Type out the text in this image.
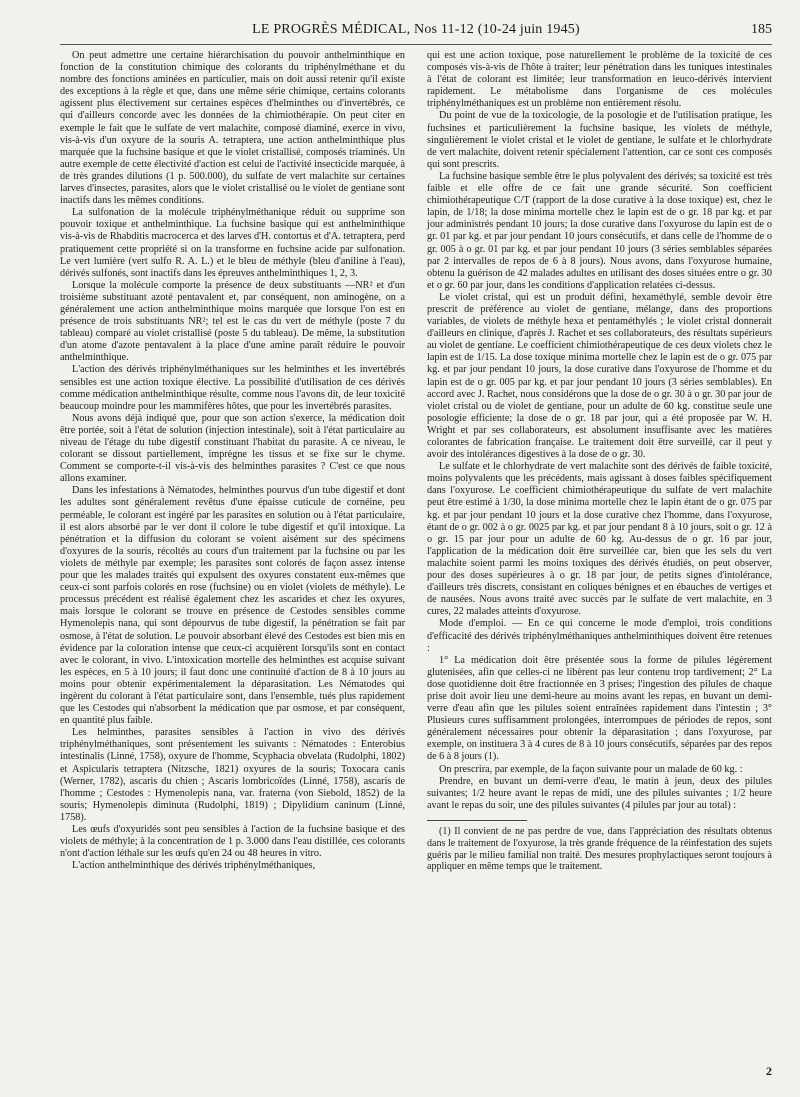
LE PROGRÈS MÉDICAL, Nos 11-12 (10-24 juin 1945)	185

On peut admettre une certaine hiérarchisation du pouvoir anthelminthique en fonction de la constitution chimique des colorants du triphénylméthane et du nombre des fonctions aminées en particulier, mais on doit aussi retenir qu'il existe des exceptions à la règle et que, dans une même série chimique, certains colorants agissent plus électivement sur certaines espèces d'helminthes ou d'invertébrés, ce qui d'ailleurs concorde avec les données de la chimiothérapie. On peut citer en exemple le fait que le sulfate de vert malachite, composé diaminé, exerce in vivo, vis-à-vis d'un oxyure de la souris A. tetraptera, une action anthelminthique plus marquée que la fuchsine basique et que le violet cristallisé, composés triaminés. Un autre exemple de cette électivité d'action est celui de l'activité insecticide marquée, à de très grandes dilutions (1 p. 500.000), du sulfate de vert malachite sur certaines larves d'insectes, parasites, alors que le violet cristallisé ou le violet de gentiane sont inactifs dans les mêmes conditions.

La sulfonation de la molécule triphénylméthanique réduit ou supprime son pouvoir toxique et anthelminthique. La fuchsine basique qui est anthelminthique vis-à-vis de Rhabditis macrocerca et des larves d'H. contortus et d'A. tetraptera, perd pratiquement cette propriété si on la transforme en fuchsine acide par sulfonation. Le vert lumière (vert sulfo R. A. L.) et le bleu de méthyle (bleu d'aniline à l'eau), dérivés sulfonés, sont inactifs dans les épreuves anthelminthiques 1, 2, 3.

Lorsque la molécule comporte la présence de deux substituants —NR² et d'un troisième substituant azoté pentavalent et, par conséquent, non aminogène, on a généralement une action anthelminthique moins marquée que lorsque l'on est en présence de trois substituants NR²; tel est le cas du vert de méthyle (poste 7 du tableau) comparé au violet cristallisé (poste 5 du tableau). De même, la substitution d'un atome d'azote pentavalent à la place d'une amine paraît réduire le pouvoir anthelminthique.

L'action des dérivés triphénylméthaniques sur les helminthes et les invertébrés sensibles est une action toxique élective. La possibilité d'utilisation de ces dérivés comme médication anthelminthique résulte, comme nous l'avons dit, de leur toxicité beaucoup moindre pour les mammifères hôtes, que pour les invertébrés parasites.

Nous avons déjà indiqué que, pour que son action s'exerce, la médication doit être portée, soit à l'état de solution (injection intestinale), soit à l'état particulaire au niveau de l'étage du tube digestif constituant l'habitat du parasite. A ce niveau, le colorant se dissout partiellement, imprègne les tissus et se fixe sur le chyme. Comment se comporte-t-il vis-à-vis des helminthes parasites ? C'est ce que nous allons examiner.

Dans les infestations à Nématodes, helminthes pourvus d'un tube digestif et dont les adultes sont généralement revêtus d'une épaisse cuticule de cornéine, peu perméable, le colorant est ingéré par les parasites en solution ou à l'état particulaire, il est alors absorbé par le ver dont il colore le tube digestif et qu'il intoxique. La pénétration et la diffusion du colorant se voient aisément sur des spécimens d'oxyures de la souris, récoltés au cours d'un traitement par la fuchsine ou par les violets de méthyle par exemple; les parasites sont colorés de façon assez intense pour que les malades traités qui expulsent des oxyures constatent eux-mêmes que ceux-ci sont parfois colorés en rose (fuchsine) ou en violet (violets de méthyle). Le processus précédent est réalisé également chez les ascarides et chez les oxyures, mais lorsque le colorant se trouve en présence de Cestodes sensibles comme Hymenolepis nana, qui sont dépourvus de tube digestif, la pénétration se fait par osmose, à l'état de solution. Le pouvoir absorbant élevé des Cestodes est bien mis en évidence par la coloration intense que ceux-ci acquièrent lorsqu'ils sont en contact avec le colorant, in vivo. L'intoxication mortelle des helminthes est acquise suivant les espèces, en 5 à 10 jours; il faut donc une continuité d'action de 8 à 10 jours au moins pour obtenir expérimentalement la déparasitation. Les Nématodes qui ingèrent du colorant à l'état particulaire sont, dans l'ensemble, tués plus rapidement que les Cestodes qui n'absorbent la médication que par osmose, et par conséquent, en quantité plus faible.

Les helminthes, parasites sensibles à l'action in vivo des dérivés triphénylméthaniques, sont présentement les suivants : Nématodes : Enterobius intestinalis (Linné, 1758), oxyure de l'homme, Scyphacia obvelata (Rudolphi, 1802) et Aspicularis tetraptera (Nitzsche, 1821) oxyures de la souris; Toxocara canis (Werner, 1782), ascaris du chien ; Ascaris lombricoïdes (Linné, 1758), ascaris de l'homme ; Cestodes : Hymenolepis nana, var. fraterna (von Siebold, 1852) de la souris; Hymenolepis diminuta (Rudolphi, 1819) ; Dipylidium caninum (Linné, 1758).

Les œufs d'oxyuridés sont peu sensibles à l'action de la fuchsine basique et des violets de méthyle; à la concentration de 1 p. 3.000 dans l'eau distillée, ces colorants n'ont d'action léthale sur les œufs qu'en 24 ou 48 heures in vitro.

L'action anthelminthique des dérivés triphénylméthaniques,

qui est une action toxique, pose naturellement le problème de la toxicité de ces composés vis-à-vis de l'hôte à traiter; leur pénétration dans les tuniques intestinales à l'état de colorant est limitée; leur transformation en leuco-dérivés intervient rapidement. Le métabolisme dans l'organisme de ces molécules triphénylméthaniques est un problème non entièrement résolu.

Du point de vue de la toxicologie, de la posologie et de l'utilisation pratique, les fuchsines et particulièrement la fuchsine basique, les violets de méthyle, singulièrement le violet cristal et le violet de gentiane, le sulfate et le chlorhydrate de vert malachite, doivent retenir spécialement l'attention, car ce sont ces composés qui sont prescrits.

La fuchsine basique semble être le plus polyvalent des dérivés; sa toxicité est très faible et elle offre de ce fait une grande sécurité. Son coefficient chimiothérapeutique C/T (rapport de la dose curative à la dose toxique) est, chez le lapin, de 1/18; la dose minima mortelle chez le lapin est de o gr. 18 par kg. et par jour administrés pendant 10 jours; la dose curative dans l'oxyurose du lapin est de o gr. 01 par kg. et par jour pendant 10 jours consécutifs, et dans celle de l'homme de o gr. 005 à o gr. 01 par kg. et par jour pendant 10 jours (3 séries semblables séparées par 2 intervalles de repos de 6 à 8 jours). Nous avons, dans l'oxyurose humaine, obtenu la guérison de 42 malades adultes en utilisant des doses situées entre o gr. 30 et o gr. 60 par jour, dans les conditions d'application relatées ci-dessus.

Le violet cristal, qui est un produit défini, hexaméthylé, semble devoir être prescrit de préférence au violet de gentiane, mélange, dans des proportions variables, de violets de méthyle hexa et pentaméthylés ; le violet cristal donnerait d'ailleurs en clinique, d'après J. Rachet et ses collaborateurs, des résultats supérieurs au violet de gentiane. Le coefficient chimiothérapeutique de ces deux violets chez le lapin est de 1/15. La dose toxique minima mortelle chez le lapin est de o gr. 075 par kg. et par jour pendant 10 jours, la dose curative dans l'oxyurose de l'homme et du lapin est de o gr. 005 par kg. et par jour pendant 10 jours (3 séries semblables). En accord avec J. Rachet, nous considérons que la dose de o gr. 30 à o gr. 30 par jour de violet cristal ou de violet de gentiane, pour un adulte de 60 kg. constitue seule une posologie efficiente; la dose de o gr. 18 par jour, qui a été proposée par W. H. Wright et par ses collaborateurs, est absolument insuffisante avec les matières colorantes de fabrication française. Le traitement doit être surveillé, car il peut y avoir des intolérances digestives à la dose de o gr. 30.

Le sulfate et le chlorhydrate de vert malachite sont des dérivés de faible toxicité, moins polyvalents que les précédents, mais agissant à doses faibles spécifiquement dans l'oxyurose. Le coefficient chimiothérapeutique du sulfate de vert malachite peut être estimé à 1/30, la dose minima mortelle chez le lapin étant de o gr. 075 par kg. et par jour pendant 10 jours et la dose curative chez l'homme, dans l'oxyurose, étant de o gr. 002 à o gr. 0025 par kg. et par jour pendant 8 à 10 jours, soit o gr. 12 à o gr. 15 par jour pour un adulte de 60 kg. Au-dessus de o gr. 16 par jour, l'application de la médication doit être surveillée car, bien que les sels du vert malachite soient parmi les moins toxiques des dérivés étudiés, on peut observer, pour des doses supérieures à o gr. 18 par jour, de petits signes d'intolérance, d'ailleurs très discrets, consistant en coliques bénignes et en ébauches de vertiges et de nausées. Nous avons traité avec succès par le sulfate de vert malachite, en 3 cures, 22 malades atteints d'oxyurose.

Mode d'emploi. — En ce qui concerne le mode d'emploi, trois conditions d'efficacité des dérivés triphénylméthaniques anthelminthiques doivent être retenues :

1° La médication doit être présentée sous la forme de pilules légèrement glutenisées, afin que celles-ci ne libèrent pas leur contenu trop tardivement; 2° La dose quotidienne doit être fractionnée en 3 prises; l'ingestion des pilules de chaque prise doit avoir lieu une demi-heure au moins avant les repas, en buvant un demi-verre d'eau afin que les pilules soient entraînées rapidement dans l'intestin ; 3° Plusieurs cures suffisamment prolongées, interrompues de périodes de repos, sont généralement nécessaires pour obtenir la déparasitation ; dans l'oxyurose, par exemple, on instituera 3 à 4 cures de 8 à 10 jours consécutifs, séparées par des repos de 6 à 8 jours (1).

On prescrira, par exemple, de la façon suivante pour un malade de 60 kg. :

Prendre, en buvant un demi-verre d'eau, le matin à jeun, deux des pilules suivantes; 1/2 heure avant le repas de midi, une des pilules suivantes ; 1/2 heure avant le repas du soir, une des pilules suivantes (4 pilules par jour au total) :

(1) Il convient de ne pas perdre de vue, dans l'appréciation des résultats obtenus dans le traitement de l'oxyurose, la très grande fréquence de la réinfestation des sujets guéris par le milieu familial non traité. Des mesures prophylactiques seront toujours à appliquer en même temps que le traitement.

2
